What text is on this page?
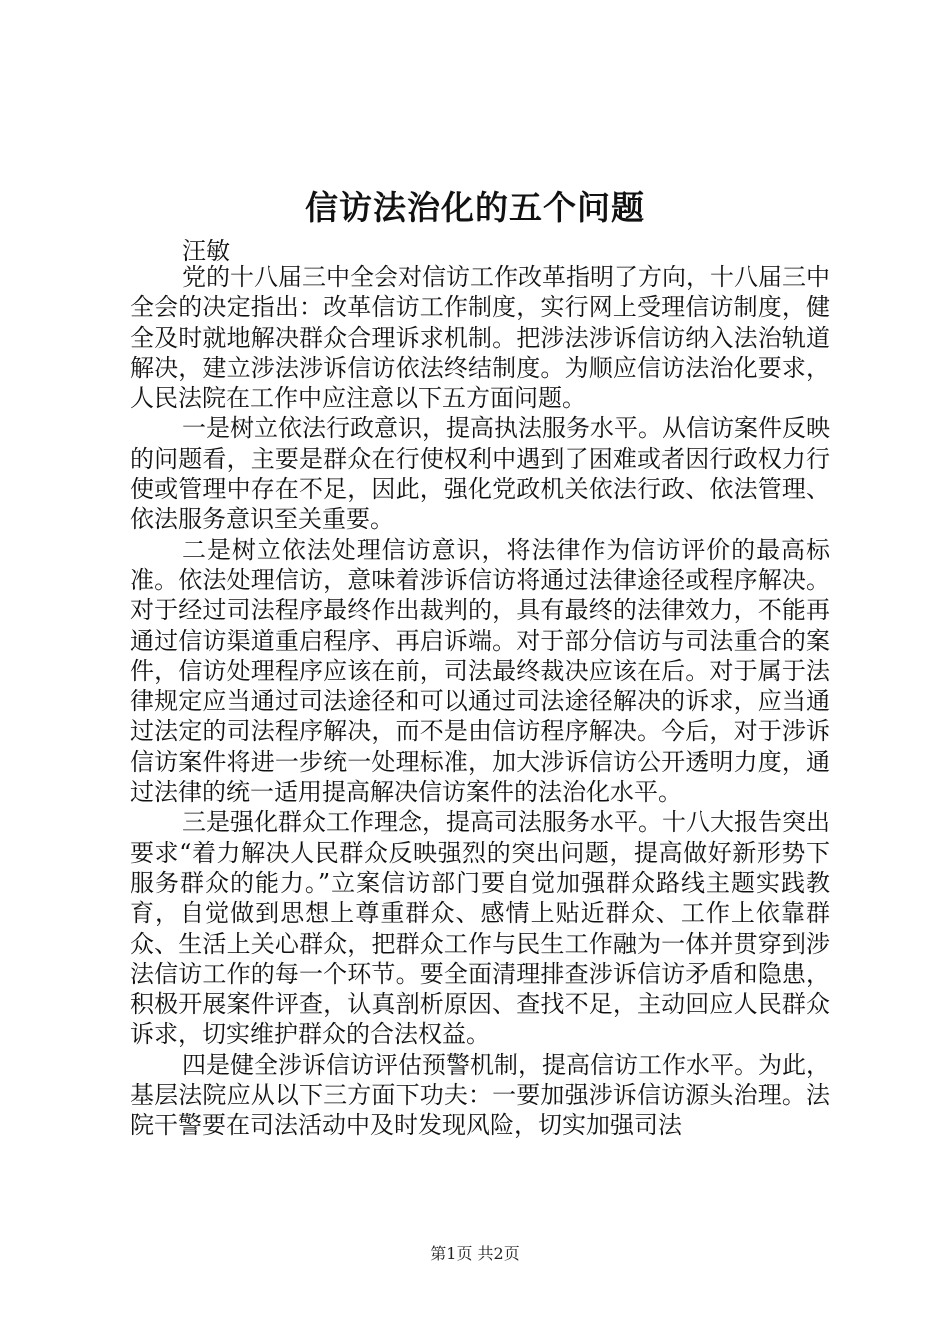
信访法治化的五个问题
汪敏

党的十八届三中全会对信访工作改革指明了方向，十八届三中全会的决定指出：改革信访工作制度，实行网上受理信访制度，健全及时就地解决群众合理诉求机制。把涉法涉诉信访纳入法治轨道解决，建立涉法涉诉信访依法终结制度。为顺应信访法治化要求，人民法院在工作中应注意以下五方面问题。

一是树立依法行政意识，提高执法服务水平。从信访案件反映的问题看，主要是群众在行使权利中遇到了困难或者因行政权力行使或管理中存在不足，因此，强化党政机关依法行政、依法管理、依法服务意识至关重要。

二是树立依法处理信访意识，将法律作为信访评价的最高标准。依法处理信访，意味着涉诉信访将通过法律途径或程序解决。对于经过司法程序最终作出裁判的，具有最终的法律效力，不能再通过信访渠道重启程序、再启诉端。对于部分信访与司法重合的案件，信访处理程序应该在前，司法最终裁决应该在后。对于属于法律规定应当通过司法途径和可以通过司法途径解决的诉求，应当通过法定的司法程序解决，而不是由信访程序解决。今后，对于涉诉信访案件将进一步统一处理标准，加大涉诉信访公开透明力度，通过法律的统一适用提高解决信访案件的法治化水平。

三是强化群众工作理念，提高司法服务水平。十八大报告突出要求“着力解决人民群众反映强烈的突出问题，提高做好新形势下服务群众的能力。”立案信访部门要自觉加强群众路线主题实践教育，自觉做到思想上尊重群众、感情上贴近群众、工作上依靠群众、生活上关心群众，把群众工作与民生工作融为一体并贯穿到涉法信访工作的每一个环节。要全面清理排查涉诉信访矛盾和隐患，积极开展案件评查，认真剖析原因、查找不足，主动回应人民群众诉求，切实维护群众的合法权益。

四是健全涉诉信访评估预警机制，提高信访工作水平。为此，基层法院应从以下三方面下功夫：一要加强涉诉信访源头治理。法院干警要在司法活动中及时发现风险，切实加强司法

第1页 共2页
